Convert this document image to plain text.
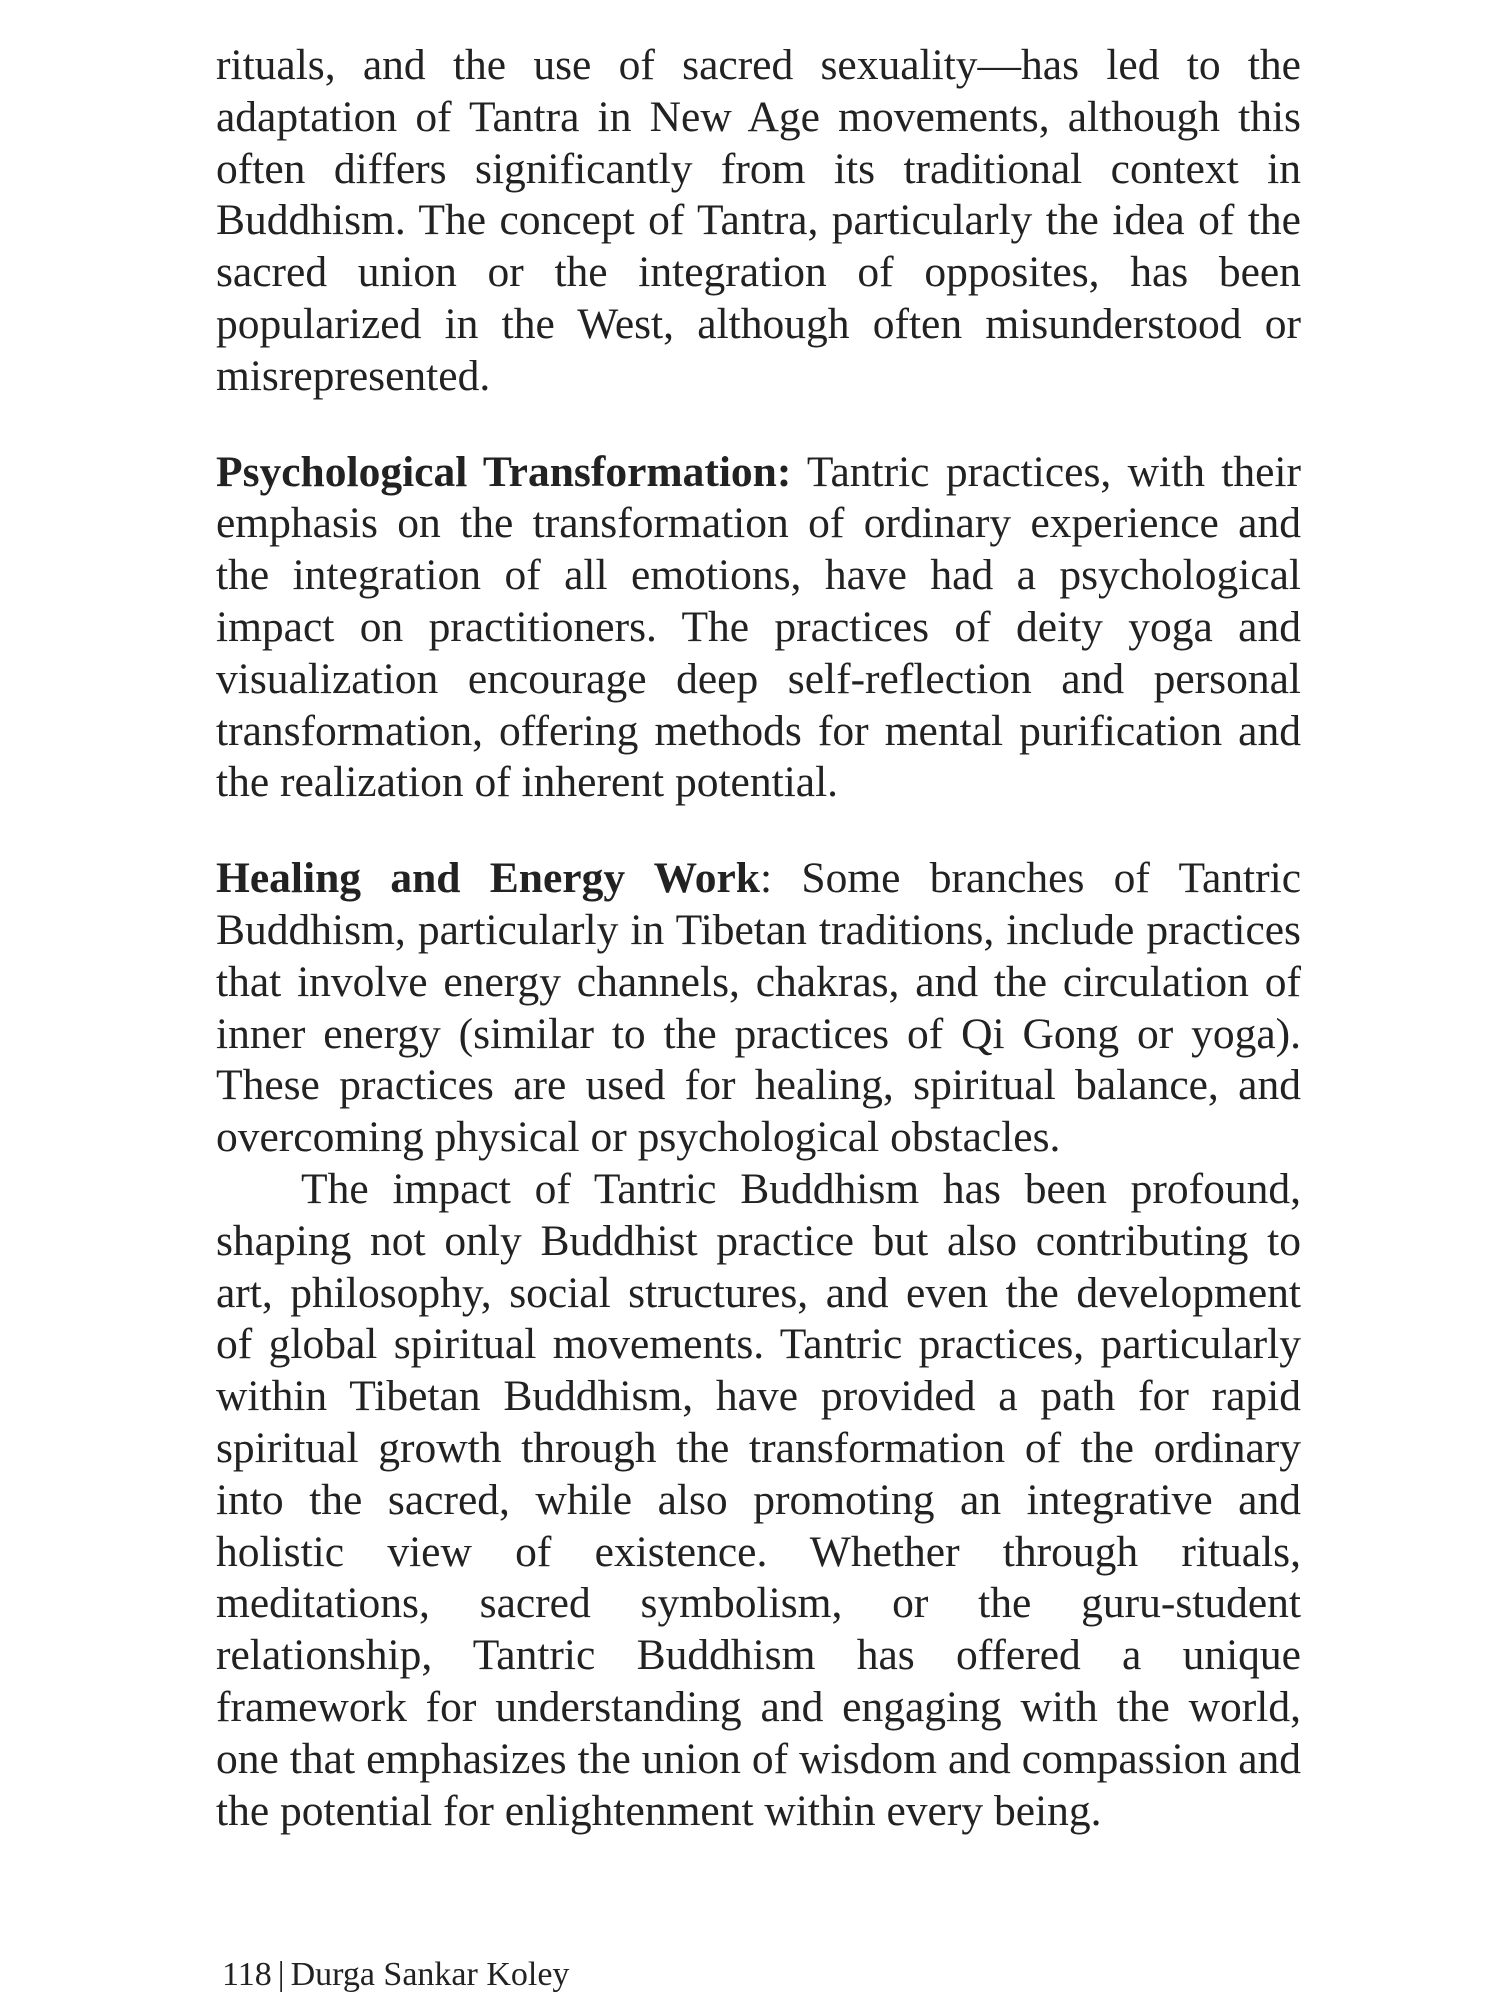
rituals, and the use of sacred sexuality—has led to the adaptation of Tantra in New Age movements, although this often differs significantly from its traditional context in Buddhism. The concept of Tantra, particularly the idea of the sacred union or the integration of opposites, has been popularized in the West, although often misunderstood or misrepresented.

Psychological Transformation: Tantric practices, with their emphasis on the transformation of ordinary experience and the integration of all emotions, have had a psychological impact on practitioners. The practices of deity yoga and visualization encourage deep self-reflection and personal transformation, offering methods for mental purification and the realization of inherent potential.

Healing and Energy Work: Some branches of Tantric Buddhism, particularly in Tibetan traditions, include practices that involve energy channels, chakras, and the circulation of inner energy (similar to the practices of Qi Gong or yoga). These practices are used for healing, spiritual balance, and overcoming physical or psychological obstacles.

The impact of Tantric Buddhism has been profound, shaping not only Buddhist practice but also contributing to art, philosophy, social structures, and even the development of global spiritual movements. Tantric practices, particularly within Tibetan Buddhism, have provided a path for rapid spiritual growth through the transformation of the ordinary into the sacred, while also promoting an integrative and holistic view of existence. Whether through rituals, meditations, sacred symbolism, or the guru-student relationship, Tantric Buddhism has offered a unique framework for understanding and engaging with the world, one that emphasizes the union of wisdom and compassion and the potential for enlightenment within every being.

118 | Durga Sankar Koley
